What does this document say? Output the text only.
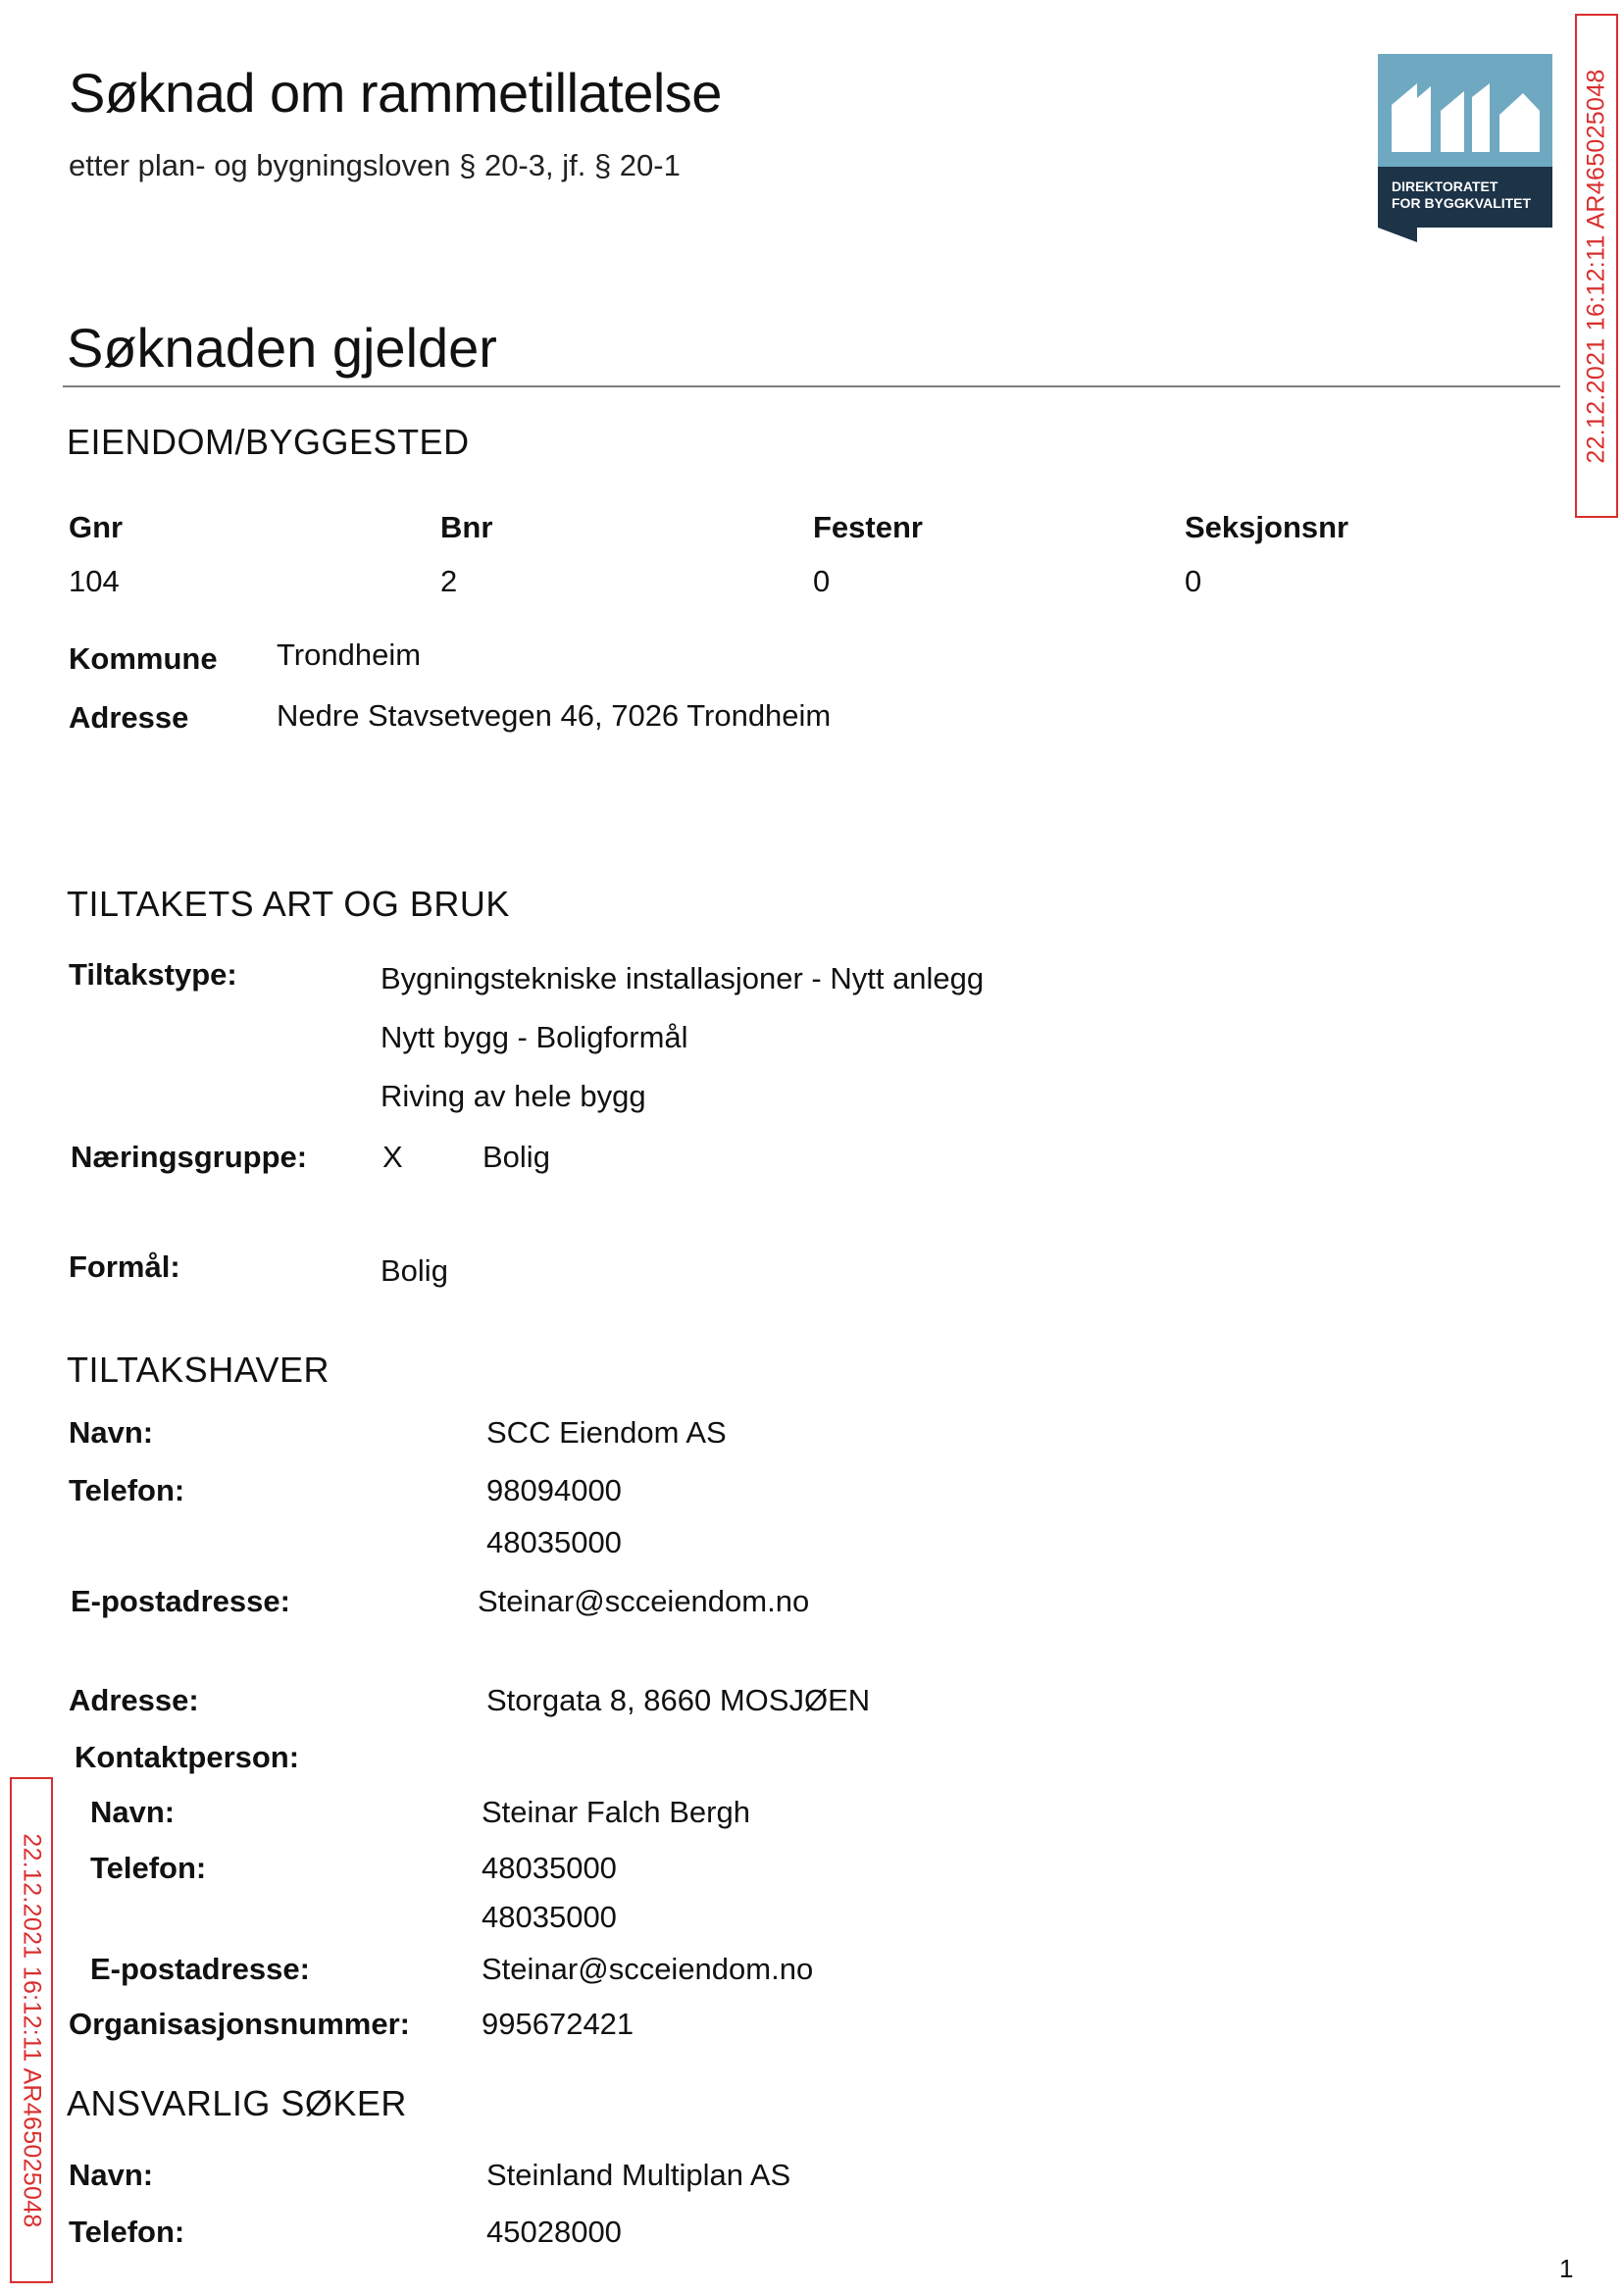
Søknad om rammetillatelse
etter plan- og bygningsloven § 20-3, jf. § 20-1
DIREKTORATET
FOR BYGGKVALITET 22.12.2021 16:12:11 AR465025048
22.12.2021 16:12:11 AR465025048
Søknaden gjelder
EIENDOM/BYGGESTED
Gnr	Bnr	Festenr	Seksjonsnr
104	2	0	0
Kommune Trondheim
Adresse	Nedre Stavsetvegen 46, 7026 Trondheim
TILTAKETS ART OG BRUK
Tiltakstype:	Bygningstekniske installasjoner - Nytt anlegg
Nytt bygg - Boligformål
Riving av hele bygg
Næringsgruppe: X	Bolig
Formål:	Bolig
TILTAKSHAVER
Navn:	SCC Eiendom AS
Telefon:	98094000
48035000
E-postadresse:	Steinar@scceiendom.no
Adresse:	Storgata 8, 8660 MOSJØEN
Kontaktperson:
Navn:	Steinar Falch Bergh
Telefon:	48035000
48035000
E-postadresse:	Steinar@scceiendom.no
Organisasjonsnummer: 995672421
ANSVARLIG SØKER
Navn:	Steinland Multiplan AS
Telefon:	45028000
1
